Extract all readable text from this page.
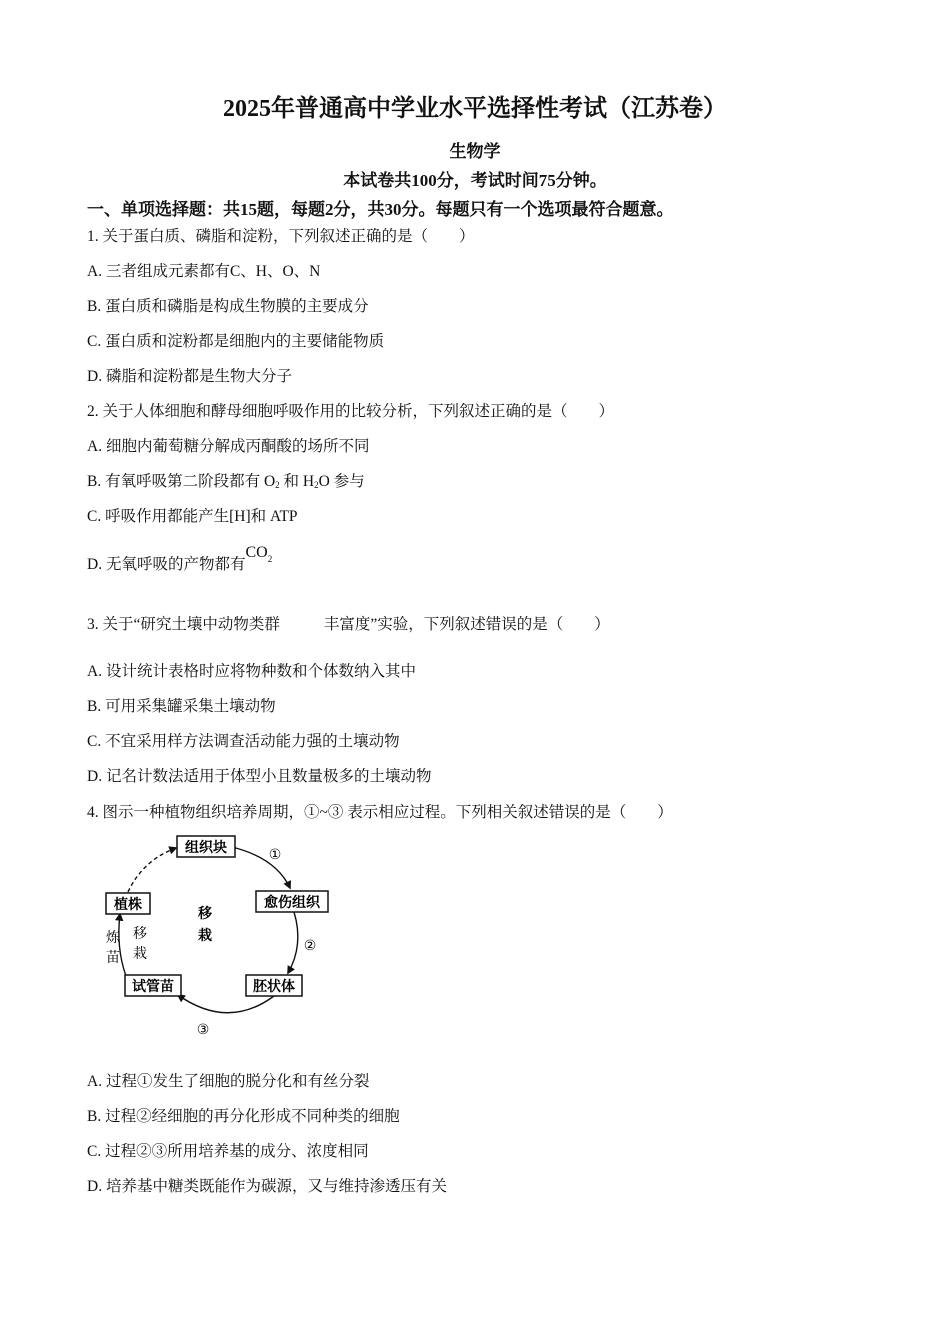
2025年普通高中学业水平选择性考试（江苏卷）
生物学
本试卷共100分，考试时间75分钟。
一、单项选择题：共15题，每题2分，共30分。每题只有一个选项最符合题意。
1. 关于蛋白质、磷脂和淀粉，下列叙述正确的是（　　）
A. 三者组成元素都有C、H、O、N
B. 蛋白质和磷脂是构成生物膜的主要成分
C. 蛋白质和淀粉都是细胞内的主要储能物质
D. 磷脂和淀粉都是生物大分子
2. 关于人体细胞和酵母细胞呼吸作用的比较分析，下列叙述正确的是（　　）
A. 细胞内葡萄糖分解成丙酮酸的场所不同
B. 有氧呼吸第二阶段都有 $O_2$ 和 $H_2O$ 参与
C. 呼吸作用都能产生[H]和 ATP
D. 无氧呼吸的产物都有$CO_2$
3. 关于“研究土壤中动物类群	丰富度”实验，下列叙述错误的是（　　）
A. 设计统计表格时应将物种数和个体数纳入其中
B. 可用采集罐采集土壤动物
C. 不宜采用样方法调查活动能力强的土壤动物
D. 记名计数法适用于体型小且数量极多的土壤动物
4. 图示一种植物组织培养周期，①~③ 表示相应过程。下列相关叙述错误的是（　　）
组织块
愈伤组织
胚状体
试管苗
植株
移
栽
炼
苗
移
栽
①
②
③
A. 过程①发生了细胞的脱分化和有丝分裂
B. 过程②经细胞的再分化形成不同种类的细胞
C. 过程②③所用培养基的成分、浓度相同
D. 培养基中糖类既能作为碳源，又与维持渗透压有关
